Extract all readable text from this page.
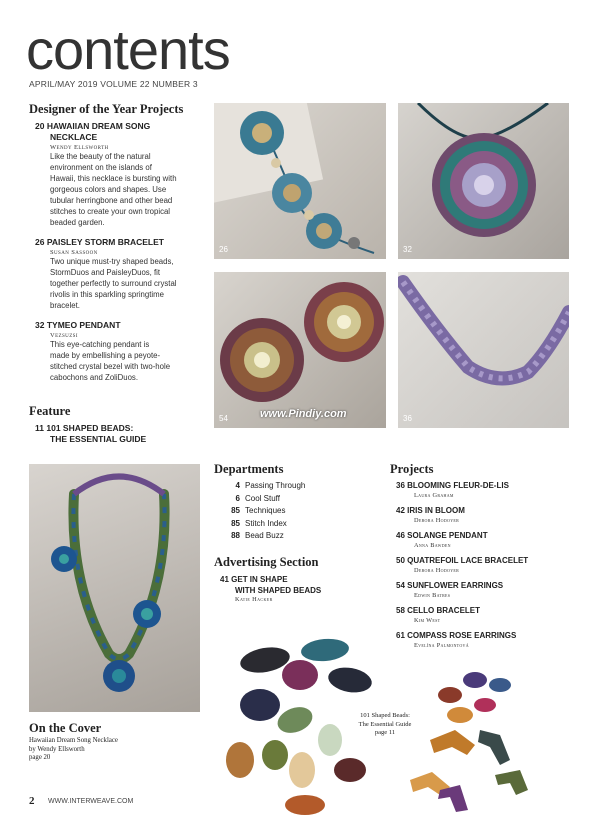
contents
APRIL/MAY 2019 VOLUME 22 NUMBER 3
Designer of the Year Projects
20 HAWAIIAN DREAM SONG
NECKLACE
Wendy Ellsworth
Like the beauty of the natural
environment on the islands of
Hawaii, this necklace is bursting with
gorgeous colors and shapes. Use
tubular herringbone and other bead
stitches to create your own tropical
beaded garden.
26 PAISLEY STORM BRACELET
Susan Sassoon
Two unique must-try shaped beads,
StormDuos and PaisleyDuos, fit
together perfectly to surround crystal
rivolis in this sparkling springtime
bracelet.
32 TYMEO PENDANT
Vezsuzsi
This eye-catching pendant is
made by embellishing a peyote-
stitched crystal bezel with two-hole
cabochons and ZoliDuos.
Feature
11 101 SHAPED BEADS:
THE ESSENTIAL GUIDE
26	32
54	36
www.Pindiy.com
Departments
4 Passing Through
6 Cool Stuff
85 Techniques
85 Stitch Index
88 Bead Buzz
Advertising Section
41 GET IN SHAPE
WITH SHAPED BEADS
Katie Hacker
Projects
36 BLOOMING FLEUR-DE-LIS
Laura Graham
42 IRIS IN BLOOM
Debora Hodoyer
46 SOLANGE PENDANT
Anna Bawden
50 QUATREFOIL LACE BRACELET
Debora Hodoyer
54 SUNFLOWER EARRINGS
Edwin Batres
58 CELLO BRACELET
Kim West
61 COMPASS ROSE EARRINGS
Evelína Palmontová
101 Shaped Beads:
The Essential Guide
page 11
On the Cover
Hawaiian Dream Song Necklace
by Wendy Ellsworth
page 20
2 WWW.INTERWEAVE.COM
